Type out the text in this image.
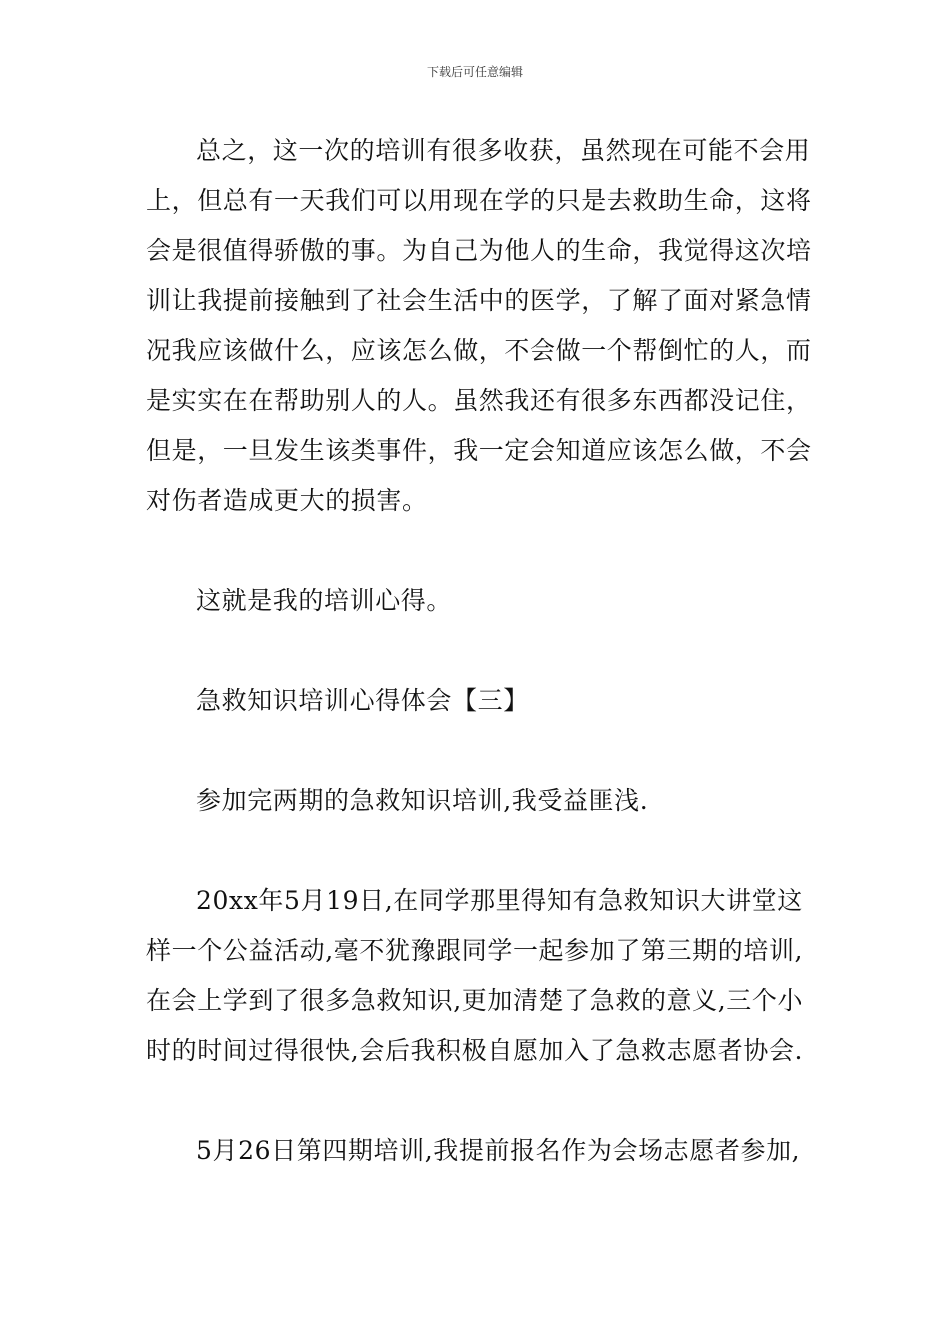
下载后可任意编辑

总之，这一次的培训有很多收获，虽然现在可能不会用上，但总有一天我们可以用现在学的只是去救助生命，这将会是很值得骄傲的事。为自己为他人的生命，我觉得这次培训让我提前接触到了社会生活中的医学，了解了面对紧急情况我应该做什么，应该怎么做，不会做一个帮倒忙的人，而是实实在在帮助别人的人。虽然我还有很多东西都没记住，但是，一旦发生该类事件，我一定会知道应该怎么做，不会对伤者造成更大的损害。

这就是我的培训心得。

急救知识培训心得体会【三】

参加完两期的急救知识培训,我受益匪浅.

20xx年5月19日,在同学那里得知有急救知识大讲堂这样一个公益活动,毫不犹豫跟同学一起参加了第三期的培训,在会上学到了很多急救知识,更加清楚了急救的意义,三个小时的时间过得很快,会后我积极自愿加入了急救志愿者协会.

5月26日第四期培训,我提前报名作为会场志愿者参加,
